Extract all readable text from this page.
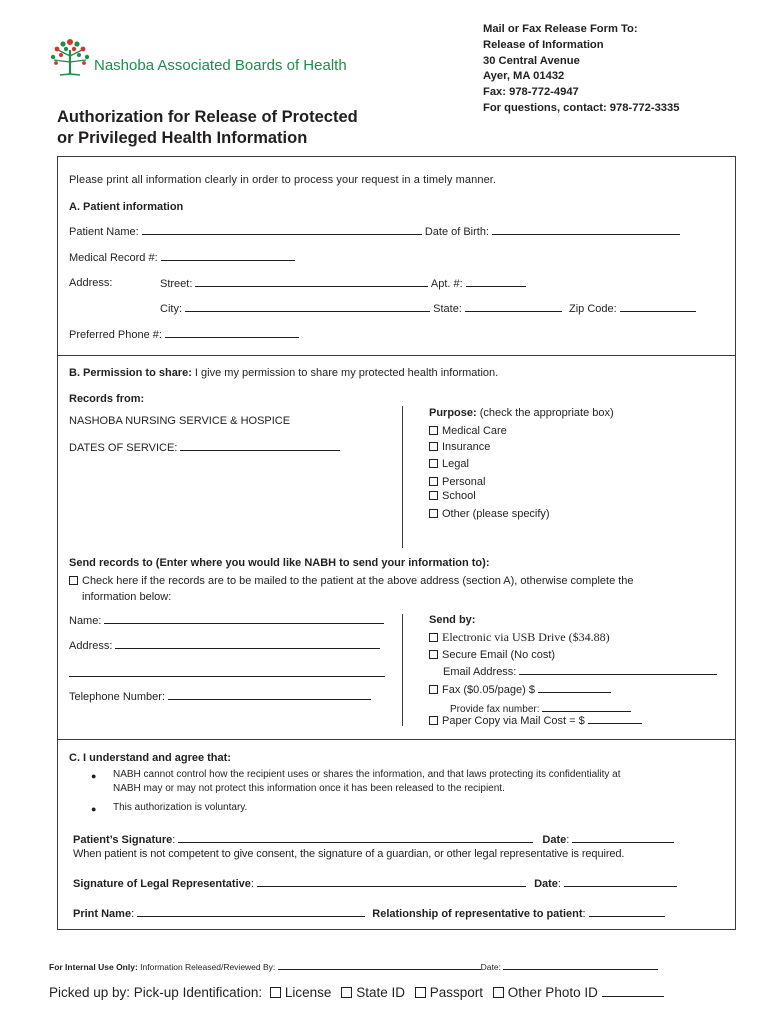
Nashoba Associated Boards of Health
Mail or Fax Release Form To:
Release of Information
30 Central Avenue
Ayer, MA 01432
Fax: 978-772-4947
For questions, contact: 978-772-3335
Authorization for Release of Protected
or Privileged Health Information
Please print all information clearly in order to process your request in a timely manner.
A. Patient information
Patient Name:	Date of Birth:
Medical Record #:
Address:	Street:	Apt. #:
City:	State:	Zip Code:
Preferred Phone #:
B. Permission to share: I give my permission to share my protected health information.
Records from:
NASHOBA NURSING SERVICE & HOSPICE
DATES OF SERVICE:
Purpose: (check the appropriate box)
Medical Care
Insurance
Legal
Personal
School
Other (please specify)
Send records to (Enter where you would like NABH to send your information to):
Check here if the records are to be mailed to the patient at the above address (section A), otherwise complete the
information below:
Name:
Address:
Telephone Number:
Send by:
Electronic via USB Drive ($34.88)
Secure Email (No cost)
Email Address:
Fax ($0.05/page) $
Provide fax number:
Paper Copy via Mail Cost = $
C. I understand and agree that:
● NABH cannot control how the recipient uses or shares the information, and that laws protecting its confidentiality at
NABH may or may not protect this information once it has been released to the recipient.
● This authorization is voluntary.
Patient’s Signature:	Date:
When patient is not competent to give consent, the signature of a guardian, or other legal representative is required.
Signature of Legal Representative:	Date:
Print Name:	Relationship of representative to patient:
For Internal Use Only: Information Released/Reviewed By:	Date:
Picked up by: Pick-up Identification: License State ID Passport Other Photo ID
